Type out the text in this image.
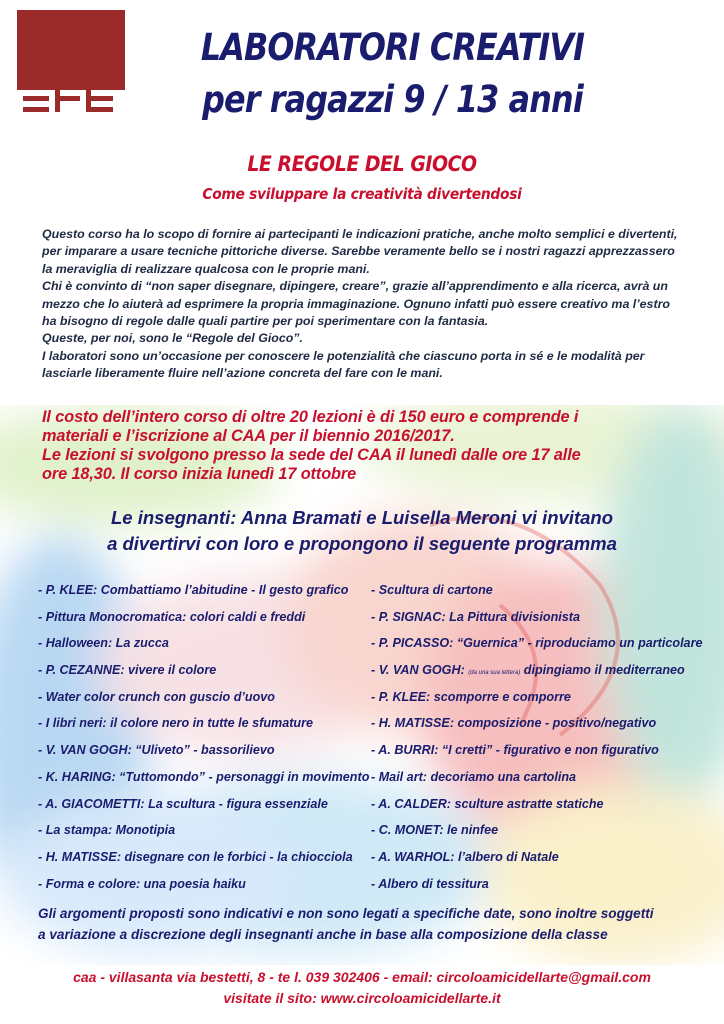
LABORATORI CREATIVI
per ragazzi 9 / 13 anni
LE REGOLE DEL GIOCO
Come sviluppare la creatività divertendosi

Questo corso ha lo scopo di fornire ai partecipanti le indicazioni pratiche, anche molto semplici e divertenti,

per imparare a usare tecniche pittoriche diverse. Sarebbe veramente bello se i nostri ragazzi apprezzassero

la meraviglia di realizzare qualcosa con le proprie mani.

Chi è convinto di “non saper disegnare, dipingere, creare”, grazie all’apprendimento e alla ricerca, avrà un

mezzo che lo aiuterà ad esprimere la propria immaginazione. Ognuno infatti può essere creativo ma l’estro

ha bisogno di regole dalle quali partire per poi sperimentare con la fantasia.

Queste, per noi, sono le “Regole del Gioco”.

I laboratori sono un’occasione per conoscere le potenzialità che ciascuno porta in sé e le modalità per

lasciarle liberamente fluire nell’azione concreta del fare con le mani.

Il costo dell’intero corso di oltre 20 lezioni è di 150 euro e comprende i

materiali e l’iscrizione al CAA per il biennio 2016/2017.

Le lezioni si svolgono presso la sede del CAA il lunedì dalle ore 17 alle

ore 18,30. Il corso inizia lunedì 17 ottobre

Le insegnanti: Anna Bramati e Luisella Meroni vi invitano

a divertirvi con loro e propongono il seguente programma

- P. KLEE: Combattiamo l’abitudine - Il gesto grafico
- Pittura Monocromatica: colori caldi e freddi
- Halloween: La zucca
- P. CEZANNE: vivere il colore
- Water color crunch con guscio d’uovo
- I libri neri: il colore nero in tutte le sfumature
- V. VAN GOGH: “Uliveto” - bassorilievo
- K. HARING: “Tuttomondo” - personaggi in movimento
- A. GIACOMETTI: La scultura - figura essenziale
- La stampa: Monotipia
- H. MATISSE: disegnare con le forbici - la chiocciola
- Forma e colore: una poesia haiku
- Scultura di cartone
- P. SIGNAC: La Pittura divisionista
- P. PICASSO: “Guernica” - riproduciamo un particolare
- V. VAN GOGH: (da una sua lettera) dipingiamo il mediterraneo
- P. KLEE: scomporre e comporre
- H. MATISSE: composizione - positivo/negativo
- A. BURRI: “I cretti” - figurativo e non figurativo
- Mail art: decoriamo una cartolina
- A. CALDER: sculture astratte statiche
- C. MONET: le ninfee
- A. WARHOL: l’albero di Natale
- Albero di tessitura

Gli argomenti proposti sono indicativi e non sono legati a specifiche date, sono inoltre soggetti

a variazione a discrezione degli insegnanti anche in base alla composizione della classe

caa - villasanta via bestetti, 8 - te l. 039 302406 - email: circoloamicidellarte@gmail.com
visitate il sito: www.circoloamicidellarte.it
